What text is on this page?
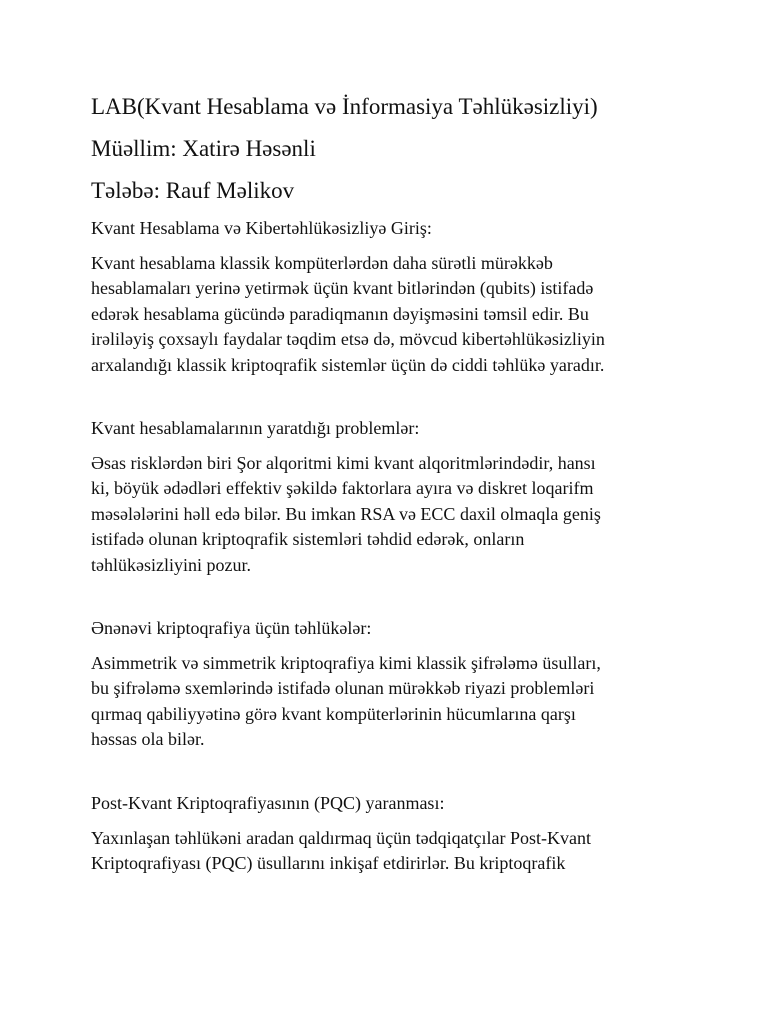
LAB(Kvant Hesablama və İnformasiya Təhlükəsizliyi)
Müəllim: Xatirə Həsənli
Tələbə: Rauf Məlikov
Kvant Hesablama və Kibertəhlükəsizliyə Giriş:

Kvant hesablama klassik kompüterlərdən daha sürətli mürəkkəb
hesablamaları yerinə yetirmək üçün kvant bitlərindən (qubits) istifadə
edərək hesablama gücündə paradiqmanın dəyişməsini təmsil edir. Bu
irəliləyiş çoxsaylı faydalar təqdim etsə də, mövcud kibertəhlükəsizliyin
arxalandığı klassik kriptoqrafik sistemlər üçün də ciddi təhlükə yaradır.

Kvant hesablamalarının yaratdığı problemlər:

Əsas risklərdən biri Şor alqoritmi kimi kvant alqoritmlərindədir, hansı
ki, böyük ədədləri effektiv şəkildə faktorlara ayıra və diskret loqarifm
məsələlərini həll edə bilər. Bu imkan RSA və ECC daxil olmaqla geniş
istifadə olunan kriptoqrafik sistemləri təhdid edərək, onların
təhlükəsizliyini pozur.

Ənənəvi kriptoqrafiya üçün təhlükələr:

Asimmetrik və simmetrik kriptoqrafiya kimi klassik şifrələmə üsulları,
bu şifrələmə sxemlərində istifadə olunan mürəkkəb riyazi problemləri
qırmaq qabiliyyətinə görə kvant kompüterlərinin hücumlarına qarşı
həssas ola bilər.

Post-Kvant Kriptoqrafiyasının (PQC) yaranması:

Yaxınlaşan təhlükəni aradan qaldırmaq üçün tədqiqatçılar Post-Kvant
Kriptoqrafiyası (PQC) üsullarını inkişaf etdirirlər. Bu kriptoqrafik
